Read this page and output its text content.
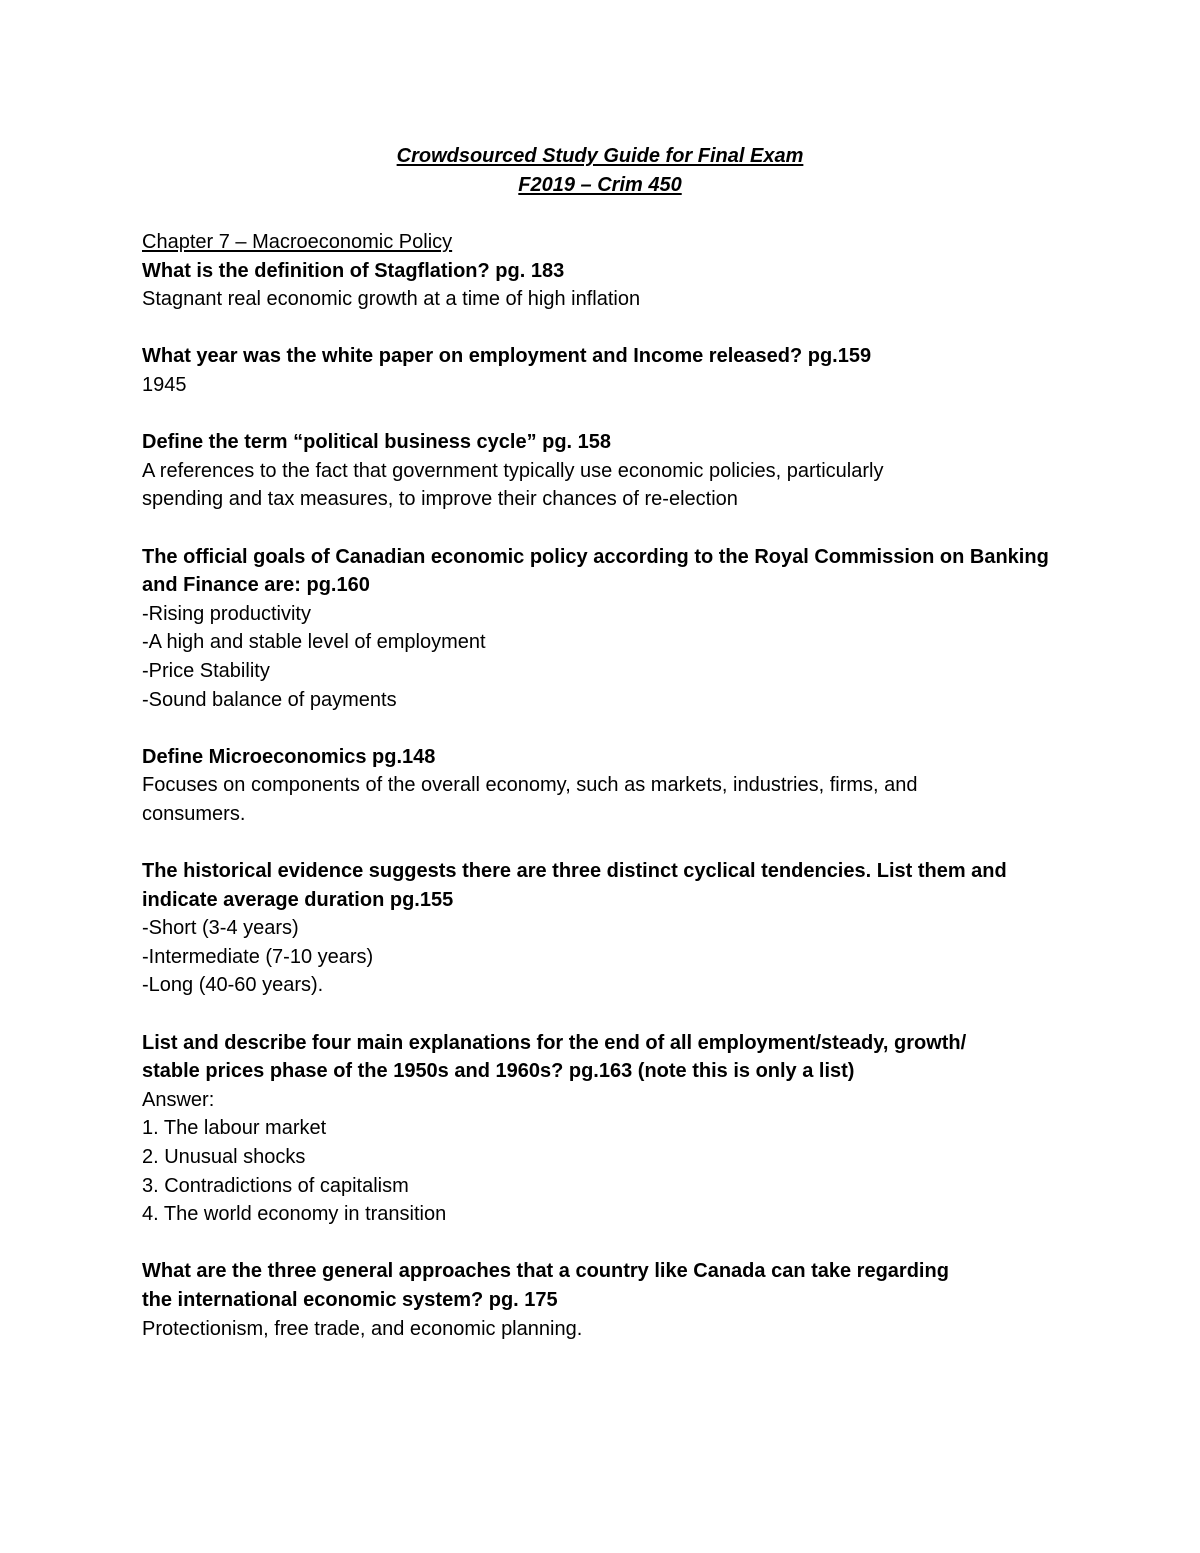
Crowdsourced Study Guide for Final Exam
F2019 – Crim 450

Chapter 7 – Macroeconomic Policy

What is the definition of Stagflation? pg. 183

Stagnant real economic growth at a time of high inflation

What year was the white paper on employment and Income released? pg.159

1945

Define the term “political business cycle” pg. 158

A references to the fact that government typically use economic policies, particularly

spending and tax measures, to improve their chances of re-election

The official goals of Canadian economic policy according to the Royal Commission on Banking

and Finance are: pg.160

-Rising productivity

-A high and stable level of employment

-Price Stability

-Sound balance of payments

Define Microeconomics pg.148

Focuses on components of the overall economy, such as markets, industries, firms, and

consumers.

The historical evidence suggests there are three distinct cyclical tendencies. List them and

indicate average duration pg.155

-Short (3-4 years)

-Intermediate (7-10 years)

-Long (40-60 years).

List and describe four main explanations for the end of all employment/steady, growth/

stable prices phase of the 1950s and 1960s? pg.163 (note this is only a list)

Answer:

1. The labour market

2. Unusual shocks

3. Contradictions of capitalism

4. The world economy in transition

What are the three general approaches that a country like Canada can take regarding

the international economic system? pg. 175

Protectionism, free trade, and economic planning.
